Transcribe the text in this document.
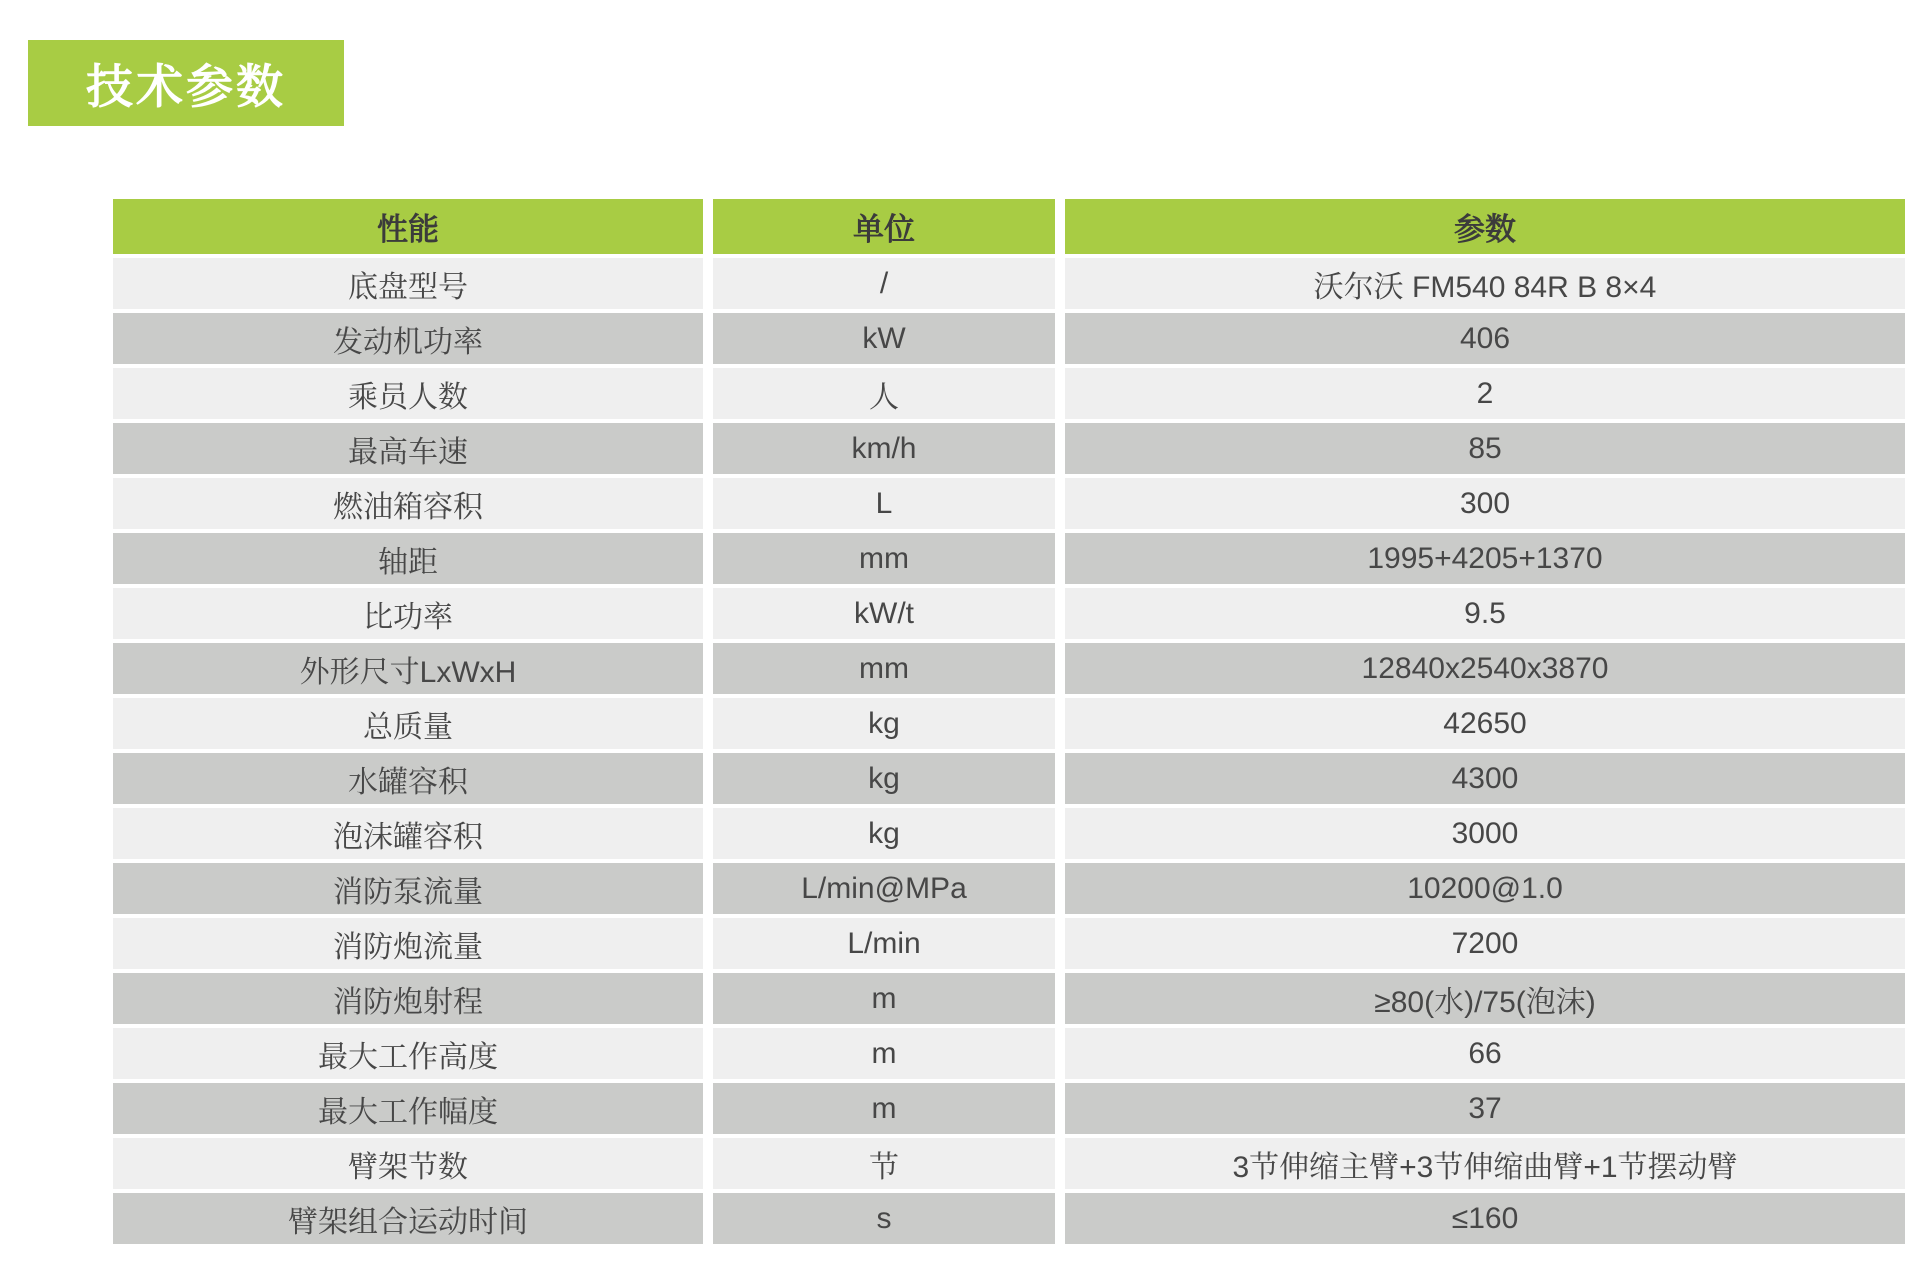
技术参数
性能	单位	参数
底盘型号	/	沃尔沃 FM540 84R B 8×4
发动机功率	kW	406
乘员人数	人	2
最高车速	km/h	85
燃油箱容积	L	300
轴距	mm	1995+4205+1370
比功率	kW/t	9.5
外形尺寸LxWxH	mm	12840x2540x3870
总质量	kg	42650
水罐容积	kg	4300
泡沫罐容积	kg	3000
消防泵流量	L/min@MPa	10200@1.0
消防炮流量	L/min	7200
消防炮射程	m	≥80(水)/75(泡沫)
最大工作高度	m	66
最大工作幅度	m	37
臂架节数	节	3节伸缩主臂+3节伸缩曲臂+1节摆动臂
臂架组合运动时间	s	≤160
